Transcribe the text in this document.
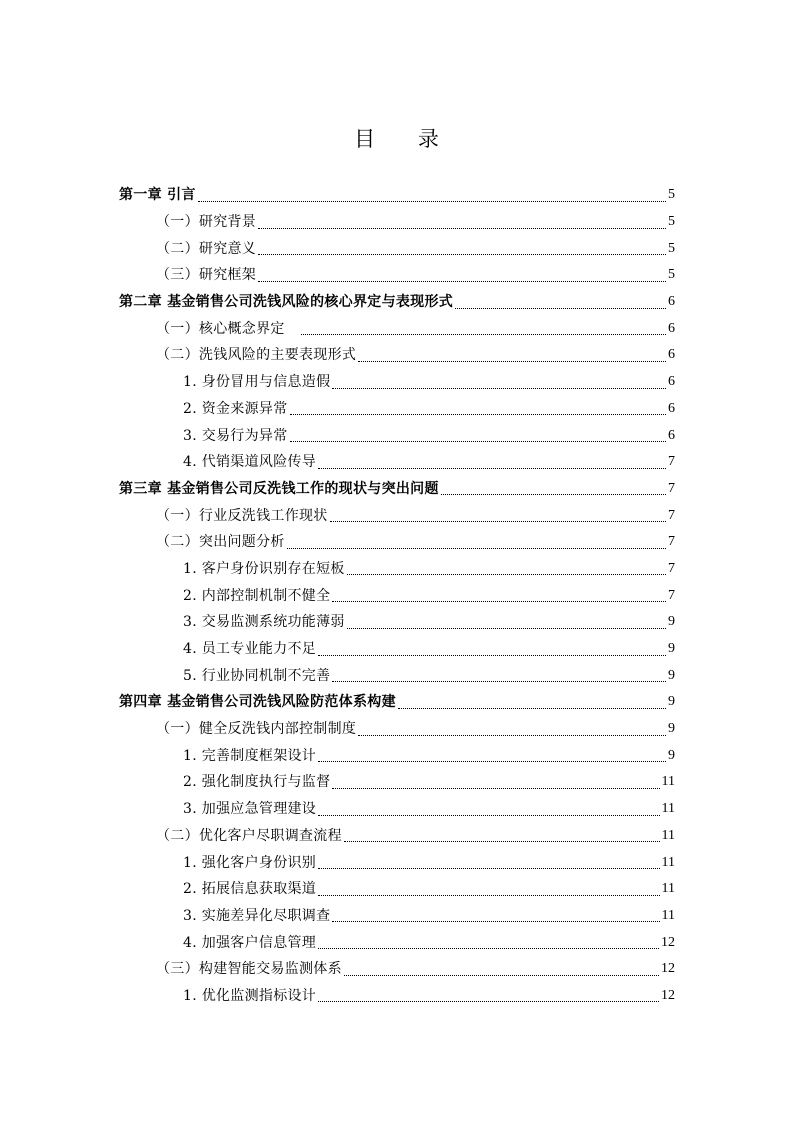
目 录
第一章 引言	5
（一）研究背景	5
（二）研究意义	5
（三）研究框架	5
第二章 基金销售公司洗钱风险的核心界定与表现形式	6
（一）核心概念界定　	6
（二）洗钱风险的主要表现形式	6
1. 身份冒用与信息造假	6
2. 资金来源异常	6
3. 交易行为异常	6
4. 代销渠道风险传导	7
第三章 基金销售公司反洗钱工作的现状与突出问题	7
（一）行业反洗钱工作现状	7
（二）突出问题分析	7
1. 客户身份识别存在短板	7
2. 内部控制机制不健全	7
3. 交易监测系统功能薄弱	9
4. 员工专业能力不足	9
5. 行业协同机制不完善	9
第四章 基金销售公司洗钱风险防范体系构建	9
（一）健全反洗钱内部控制制度	9
1. 完善制度框架设计	9
2. 强化制度执行与监督	11
3. 加强应急管理建设	11
（二）优化客户尽职调查流程	11
1. 强化客户身份识别	11
2. 拓展信息获取渠道	11
3. 实施差异化尽职调查	11
4. 加强客户信息管理	12
（三）构建智能交易监测体系	12
1. 优化监测指标设计	12
